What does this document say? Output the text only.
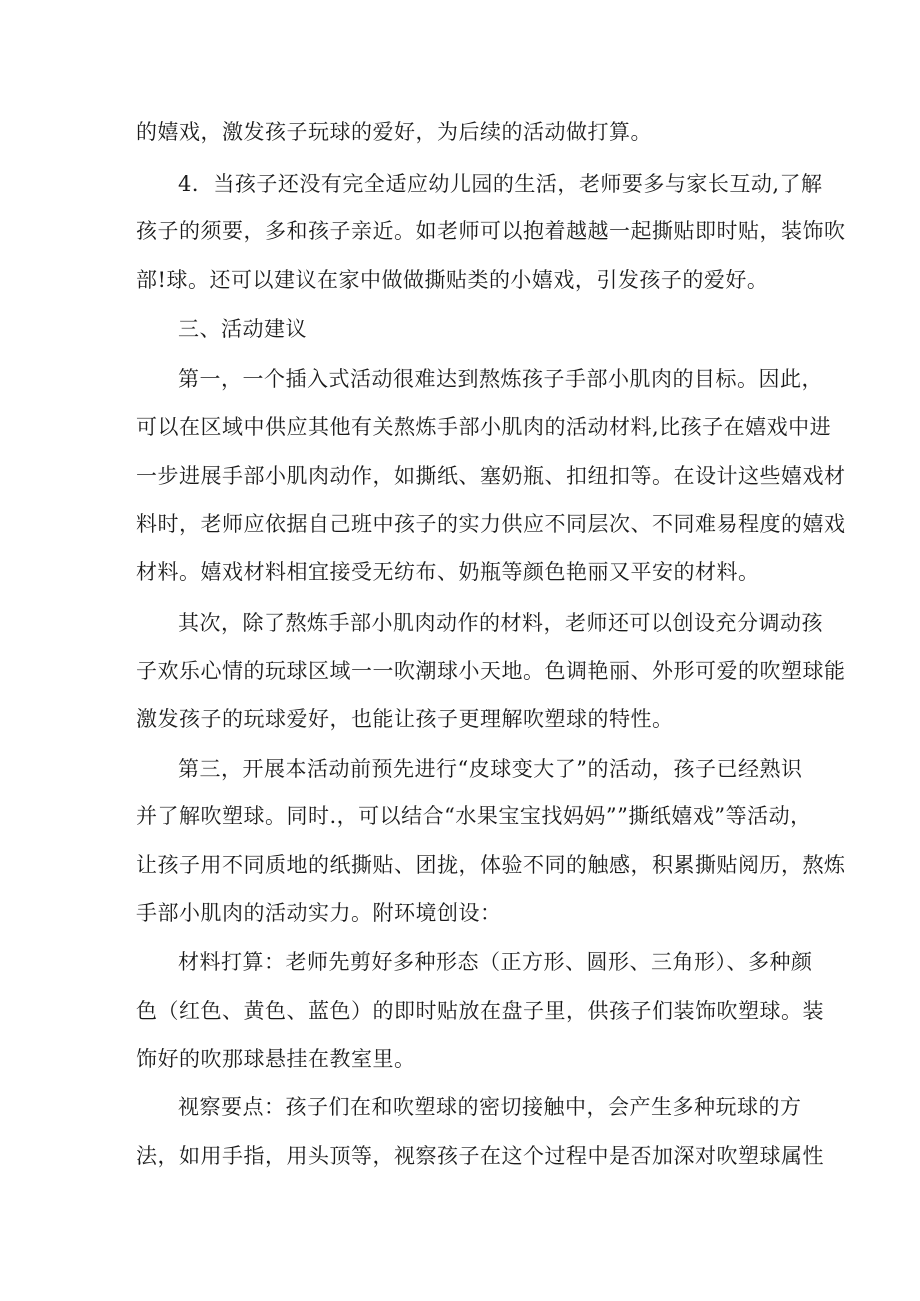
的嬉戏，激发孩子玩球的爱好，为后续的活动做打算。
4．当孩子还没有完全适应幼儿园的生活，老师要多与家长互动,了解
孩子的须要，多和孩子亲近。如老师可以抱着越越一起撕贴即时贴，装饰吹
部!球。还可以建议在家中做做撕贴类的小嬉戏，引发孩子的爱好。
三、活动建议
第一，一个插入式活动很难达到熬炼孩子手部小肌肉的目标。因此，
可以在区域中供应其他有关熬炼手部小肌肉的活动材料,比孩子在嬉戏中进
一步进展手部小肌肉动作，如撕纸、塞奶瓶、扣纽扣等。在设计这些嬉戏材
料时，老师应依据自己班中孩子的实力供应不同层次、不同难易程度的嬉戏
材料。嬉戏材料相宜接受无纺布、奶瓶等颜色艳丽又平安的材料。
其次，除了熬炼手部小肌肉动作的材料，老师还可以创设充分调动孩
子欢乐心情的玩球区域一一吹潮球小天地。色调艳丽、外形可爱的吹塑球能
激发孩子的玩球爱好，也能让孩子更理解吹塑球的特性。
第三，开展本活动前预先进行“皮球变大了”的活动，孩子已经熟识
并了解吹塑球。同时.，可以结合“水果宝宝找妈妈””撕纸嬉戏”等活动，
让孩子用不同质地的纸撕贴、团拢，体验不同的触感，积累撕贴阅历，熬炼
手部小肌肉的活动实力。附环境创设：
材料打算：老师先剪好多种形态（正方形、圆形、三角形）、多种颜
色（红色、黄色、蓝色）的即时贴放在盘子里，供孩子们装饰吹塑球。装
饰好的吹那球悬挂在教室里。
视察要点：孩子们在和吹塑球的密切接触中，会产生多种玩球的方
法，如用手指，用头顶等，视察孩子在这个过程中是否加深对吹塑球属性
